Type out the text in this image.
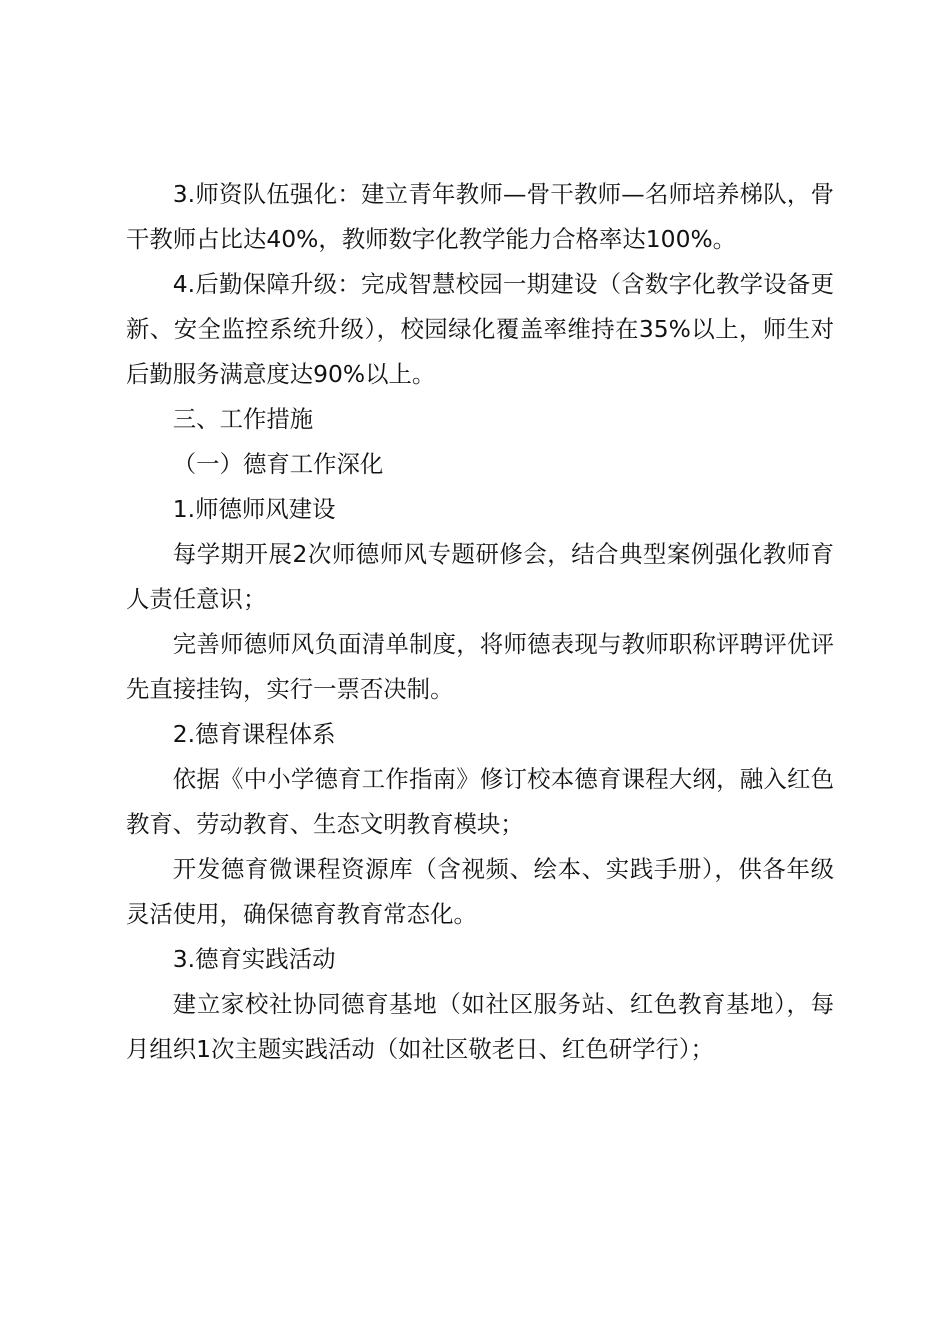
3.师资队伍强化：建立青年教师—骨干教师—名师培养梯队，骨干教师占比达40%，教师数字化教学能力合格率达100%。

4.后勤保障升级：完成智慧校园一期建设（含数字化教学设备更新、安全监控系统升级），校园绿化覆盖率维持在35%以上，师生对后勤服务满意度达90%以上。

三、工作措施

（一）德育工作深化

1.师德师风建设

每学期开展2次师德师风专题研修会，结合典型案例强化教师育人责任意识；

完善师德师风负面清单制度，将师德表现与教师职称评聘评优评先直接挂钩，实行一票否决制。

2.德育课程体系

依据《中小学德育工作指南》修订校本德育课程大纲，融入红色教育、劳动教育、生态文明教育模块；

开发德育微课程资源库（含视频、绘本、实践手册），供各年级灵活使用，确保德育教育常态化。

3.德育实践活动

建立家校社协同德育基地（如社区服务站、红色教育基地），每月组织1次主题实践活动（如社区敬老日、红色研学行）；
